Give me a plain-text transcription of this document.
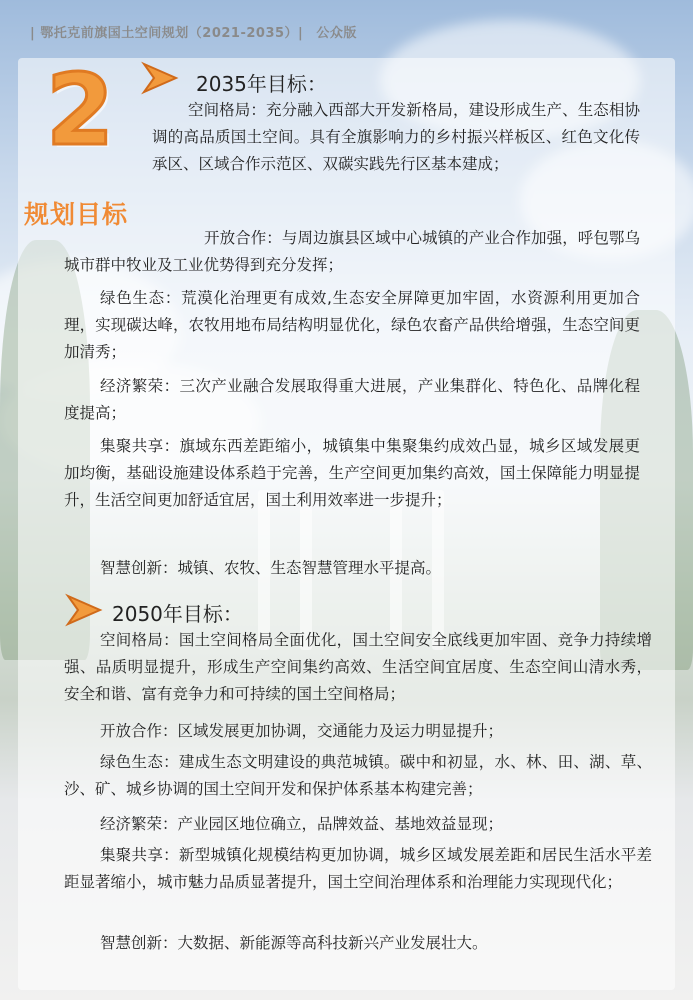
| 鄂托克前旗国土空间规划（2021-2035）| 公众版
2
规划目标
2035年目标：

空间格局：充分融入西部大开发新格局，建设形成生产、生态相协调的高品质国土空间。具有全旗影响力的乡村振兴样板区、红色文化传承区、区域合作示范区、双碳实践先行区基本建成；

开放合作：与周边旗县区域中心城镇的产业合作加强，呼包鄂乌城市群中牧业及工业优势得到充分发挥；

绿色生态：荒漠化治理更有成效,生态安全屏障更加牢固，水资源利用更加合理，实现碳达峰，农牧用地布局结构明显优化，绿色农畜产品供给增强，生态空间更加清秀；

经济繁荣：三次产业融合发展取得重大进展，产业集群化、特色化、品牌化程度提高；

集聚共享：旗域东西差距缩小，城镇集中集聚集约成效凸显，城乡区域发展更加均衡，基础设施建设体系趋于完善，生产空间更加集约高效，国土保障能力明显提升，生活空间更加舒适宜居，国土利用效率进一步提升；

智慧创新：城镇、农牧、生态智慧管理水平提高。

2050年目标：

空间格局：国土空间格局全面优化，国土空间安全底线更加牢固、竞争力持续增强、品质明显提升，形成生产空间集约高效、生活空间宜居度、生态空间山清水秀，安全和谐、富有竞争力和可持续的国土空间格局；

开放合作：区域发展更加协调，交通能力及运力明显提升；

绿色生态：建成生态文明建设的典范城镇。碳中和初显，水、林、田、湖、草、沙、矿、城乡协调的国土空间开发和保护体系基本构建完善；

经济繁荣：产业园区地位确立，品牌效益、基地效益显现；

集聚共享：新型城镇化规模结构更加协调，城乡区域发展差距和居民生活水平差距显著缩小，城市魅力品质显著提升，国土空间治理体系和治理能力实现现代化；

智慧创新：大数据、新能源等高科技新兴产业发展壮大。
